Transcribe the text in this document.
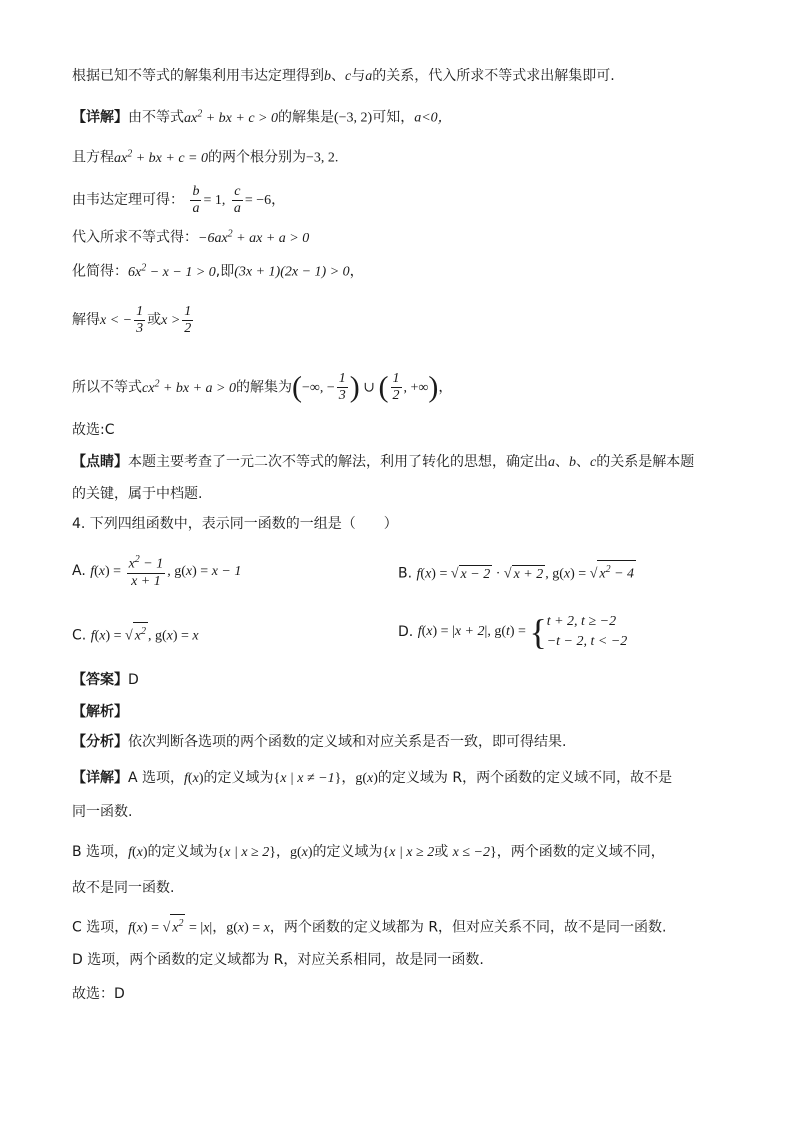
根据已知不等式的解集利用韦达定理得到b、c与a的关系，代入所求不等式求出解集即可.
【详解】由不等式$ax^2$ + bx + c > 0的解集是(−3, 2)可知，a<0，
且方程$ax^2$ + bx + c = 0的两个根分别为−3, 2.
由韦达定理可得： $\frac{b}{a} = 1$, $\frac{c}{a} = -6$，
代入所求不等式得：$-6ax^2$ + ax + a > 0
化简得：$6x^2 - x - 1 > 0$,即(3x + 1)(2x − 1) > 0，
解得x < − $\frac{1}{3}$ 或$x > \frac{1}{2}$
所以不等式$cx^2$ + bx + a > 0的解集为(−∞, − $\frac{1}{3}$ ) ∪ ( $\frac{1}{2}$ , +∞)，
故选:C
【点睛】本题主要考查了一元二次不等式的解法，利用了转化的思想，确定出a、b、c的关系是解本题
的关键，属于中档题.
4. 下列四组函数中，表示同一函数的一组是（　　）
A. $f(x) = \frac{x^2 - 1}{x + 1}$ , g(x) = x − 1	B. f(x) = √ x − 2 · √ x + 2 , g(x) = √ $x^2 - 4$
C. f(x) = √ $x^2$ , g(x) = x	D. f(x) = |x + 2|, g(t) = { t + 2, t ≥ −2
−t − 2, t < −2
【答案】D
【解析】
【分析】依次判断各选项的两个函数的定义域和对应关系是否一致，即可得结果.
【详解】A 选项，f(x)的定义域为{x | x ≠ −1}，g(x)的定义域为 R，两个函数的定义域不同，故不是
同一函数.
B 选项，f(x)的定义域为{x | x ≥ 2}，g(x)的定义域为{x | x ≥ 2或 x ≤ −2}，两个函数的定义域不同，
故不是同一函数.
C 选项，f(x) = √ $x^2 = |x|$，g(x) = x，两个函数的定义域都为 R，但对应关系不同，故不是同一函数.
D 选项，两个函数的定义域都为 R，对应关系相同，故是同一函数.
故选：D
